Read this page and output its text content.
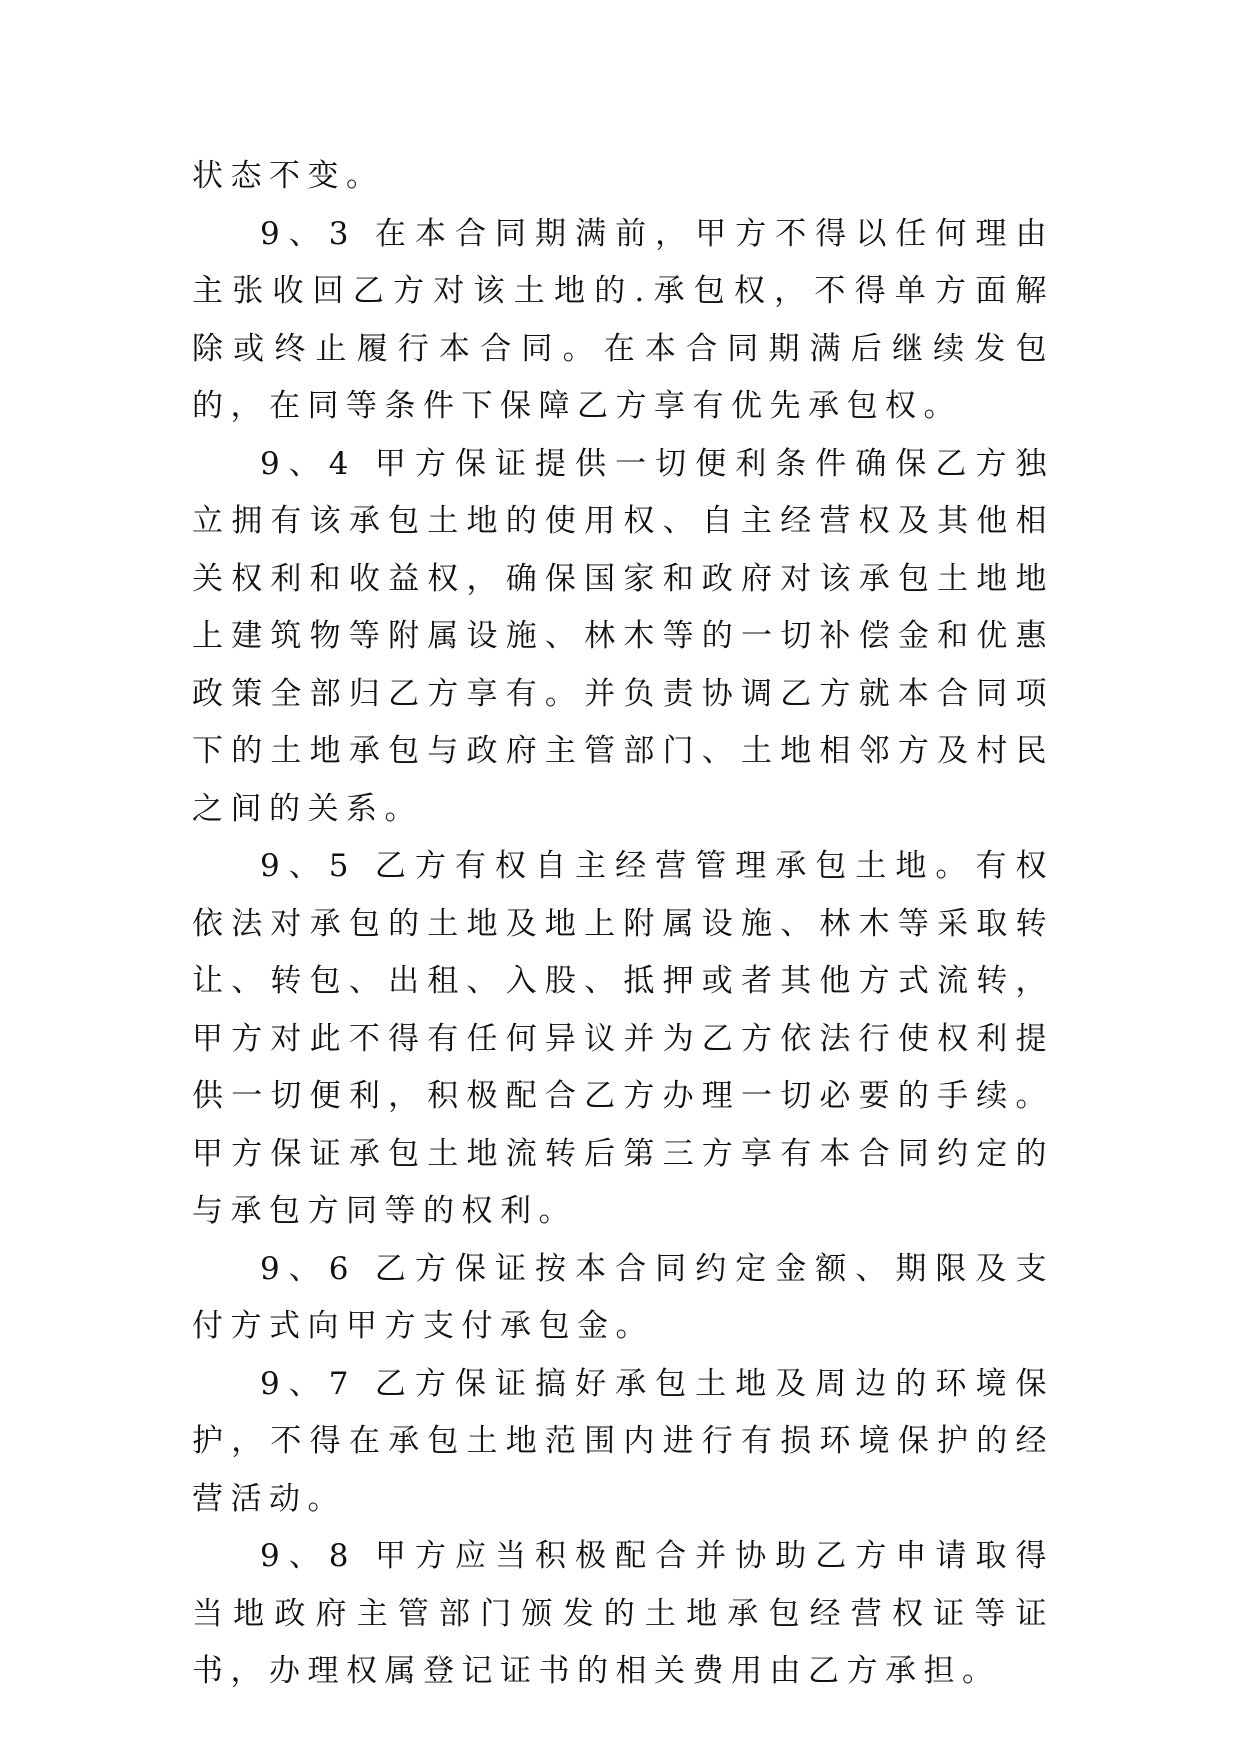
状态不变。

9、3 在本合同期满前，甲方不得以任何理由主张收回乙方对该土地的.承包权，不得单方面解除或终止履行本合同。在本合同期满后继续发包的，在同等条件下保障乙方享有优先承包权。

9、4 甲方保证提供一切便利条件确保乙方独立拥有该承包土地的使用权、自主经营权及其他相关权利和收益权，确保国家和政府对该承包土地地上建筑物等附属设施、林木等的一切补偿金和优惠政策全部归乙方享有。并负责协调乙方就本合同项下的土地承包与政府主管部门、土地相邻方及村民之间的关系。

9、5 乙方有权自主经营管理承包土地。有权依法对承包的土地及地上附属设施、林木等采取转让、转包、出租、入股、抵押或者其他方式流转，甲方对此不得有任何异议并为乙方依法行使权利提供一切便利，积极配合乙方办理一切必要的手续。甲方保证承包土地流转后第三方享有本合同约定的与承包方同等的权利。

9、6 乙方保证按本合同约定金额、期限及支付方式向甲方支付承包金。

9、7 乙方保证搞好承包土地及周边的环境保护，不得在承包土地范围内进行有损环境保护的经营活动。

9、8 甲方应当积极配合并协助乙方申请取得当地政府主管部门颁发的土地承包经营权证等证书，办理权属登记证书的相关费用由乙方承担。
